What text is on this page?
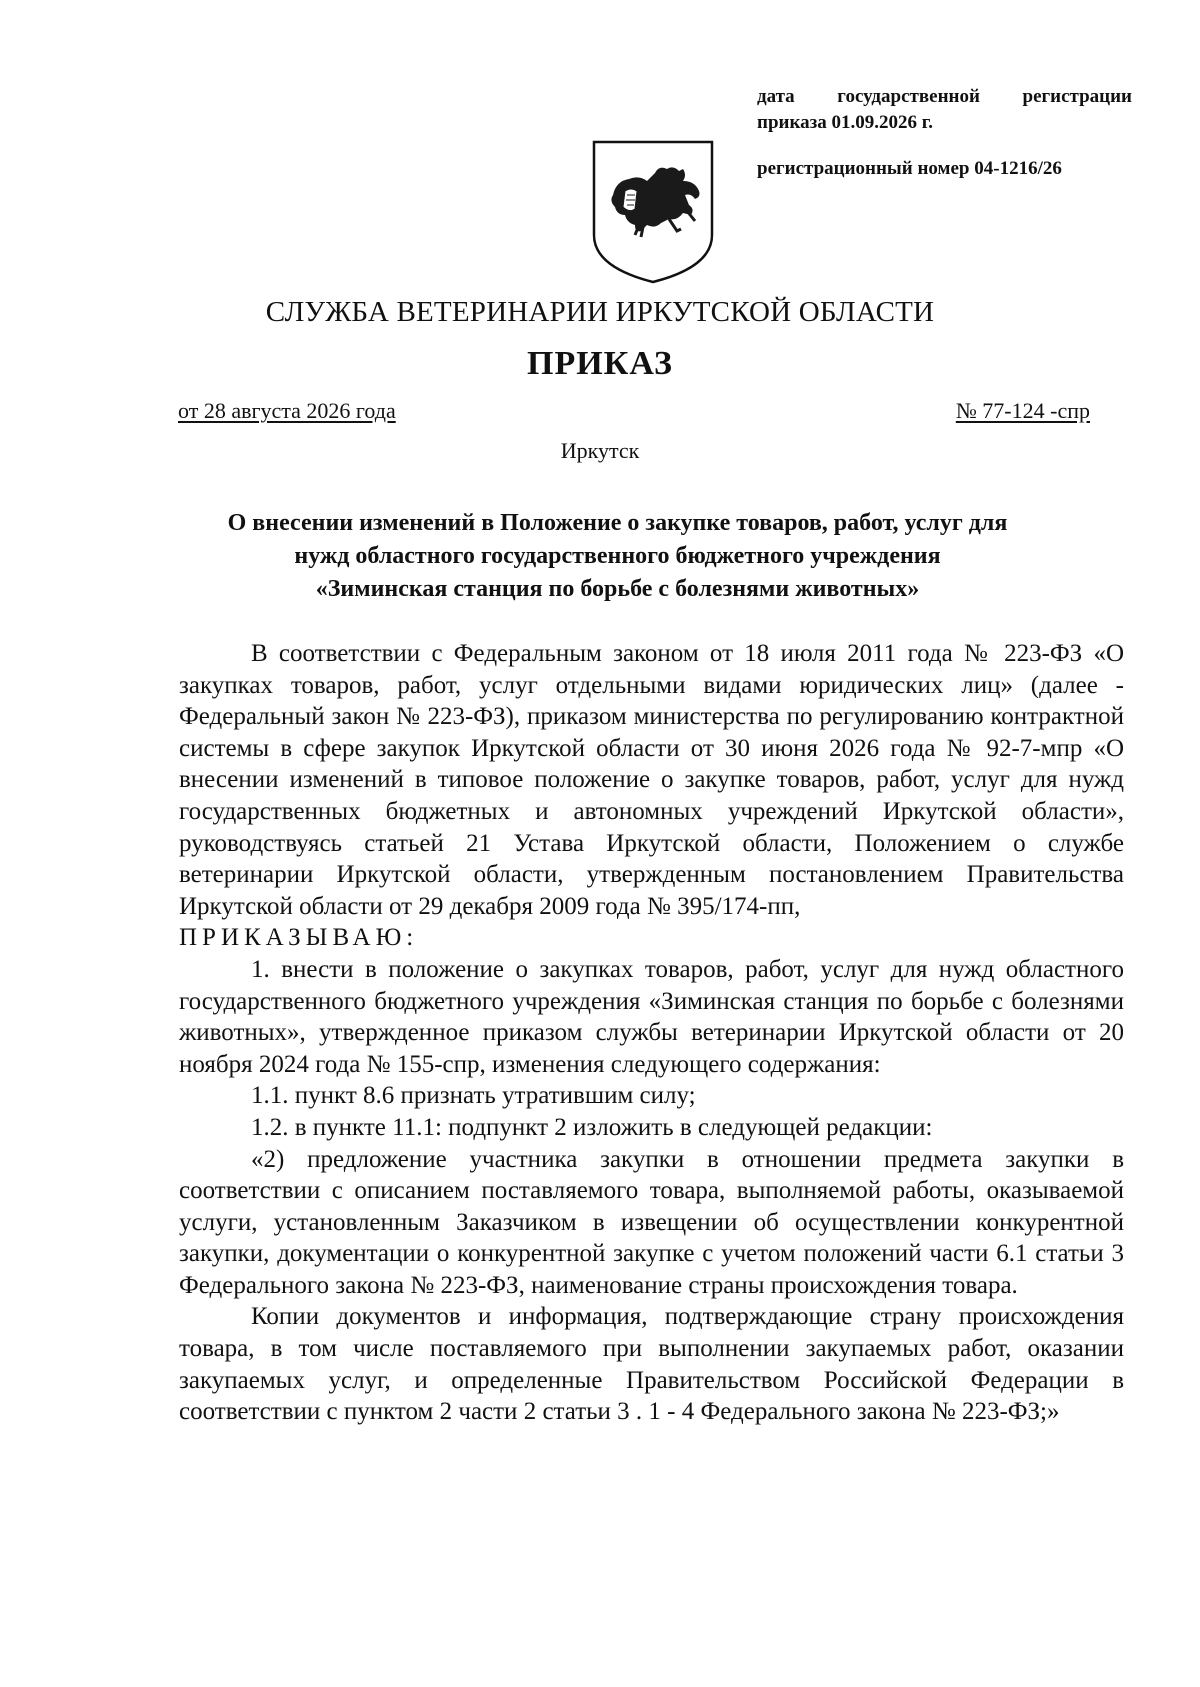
дата государственной регистрации
приказа 01.09.2026 г.
регистрационный номер 04-1216/26
СЛУЖБА ВЕТЕРИНАРИИ ИРКУТСКОЙ ОБЛАСТИ
ПРИКАЗ
от 28 августа 2026 года	№ 77-124 -спр
Иркутск
О внесении изменений в Положение о закупке товаров, работ, услуг для
нужд областного государственного бюджетного учреждения
«Зиминская станция по борьбе с болезнями животных»

В соответствии с Федеральным законом от 18 июля 2011 года № 223-ФЗ «О закупках товаров, работ, услуг отдельными видами юридических лиц» (далее - Федеральный закон № 223-ФЗ), приказом министерства по регулированию контрактной системы в сфере закупок Иркутской области от 30 июня 2026 года № 92-7-мпр «О внесении изменений в типовое положение о закупке товаров, работ, услуг для нужд государственных бюджетных и автономных учреждений Иркутской области», руководствуясь статьей 21 Устава Иркутской области, Положением о службе ветеринарии Иркутской области, утвержденным постановлением Правительства Иркутской области от 29 декабря 2009 года № 395/174-пп,

ПРИКАЗЫВАЮ:

1. внести в положение о закупках товаров, работ, услуг для нужд областного государственного бюджетного учреждения «Зиминская станция по борьбе с болезнями животных», утвержденное приказом службы ветеринарии Иркутской области от 20 ноября 2024 года № 155-спр, изменения следующего содержания:

1.1. пункт 8.6 признать утратившим силу;

1.2. в пункте 11.1: подпункт 2 изложить в следующей редакции:

«2) предложение участника закупки в отношении предмета закупки в соответствии с описанием поставляемого товара, выполняемой работы, оказываемой услуги, установленным Заказчиком в извещении об осуществлении конкурентной закупки, документации о конкурентной закупке с учетом положений части 6.1 статьи 3 Федерального закона № 223-ФЗ, наименование страны происхождения товара.

Копии документов и информация, подтверждающие страну происхождения товара, в том числе поставляемого при выполнении закупаемых работ, оказании закупаемых услуг, и определенные Правительством Российской Федерации в соответствии с пунктом 2 части 2 статьи 3 . 1 - 4 Федерального закона № 223-ФЗ;»
